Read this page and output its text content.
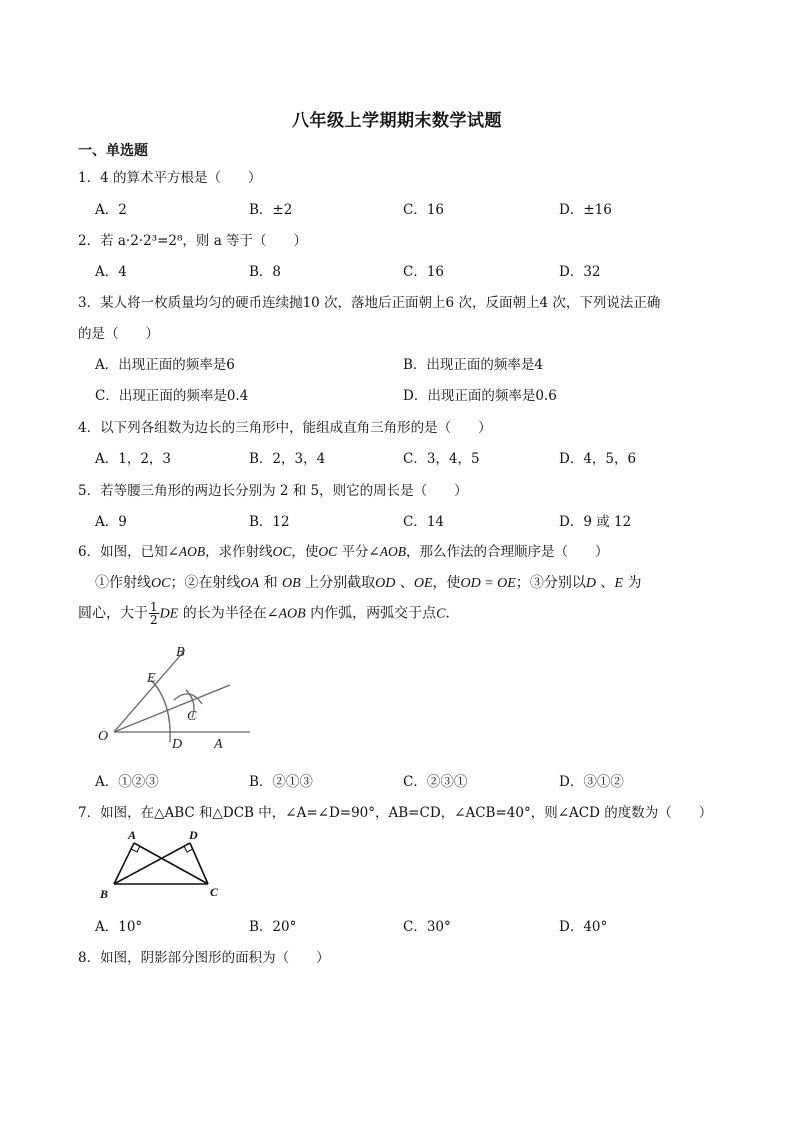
八年级上学期期末数学试题
一、单选题
1．4 的算术平方根是（　　）
A．2	B．±2	C．16	D．±16
2．若 a·2·2³=2⁸，则 a 等于（　　）
A．4	B．8	C．16	D．32
3．某人将一枚质量均匀的硬币连续抛10 次，落地后正面朝上6 次，反面朝上4 次，下列说法正确
的是（　　）
A．出现正面的频率是6	B．出现正面的频率是4
C．出现正面的频率是0.4	D．出现正面的频率是0.6
4．以下列各组数为边长的三角形中，能组成直角三角形的是（　　）
A．1，2，3	B．2，3，4	C．3，4，5	D．4，5，6
5．若等腰三角形的两边长分别为 2 和 5，则它的周长是（　　）
A．9	B．12	C．14	D．9 或 12
6．如图，已知∠AOB，求作射线OC，使OC 平分∠AOB，那么作法的合理顺序是（　　）
①作射线OC；②在射线OA 和 OB 上分别截取OD 、OE，使OD = OE；③分别以D 、E 为
圆心，大于 $\frac{1}{2}$ DE 的长为半径在∠AOB 内作弧，两弧交于点C．
B
E
C
O
D A
A．①②③	B．②①③	C．②③①	D．③①②
7．如图，在△ABC 和△DCB 中，∠A=∠D=90°，AB=CD，∠ACB=40°，则∠ACD 的度数为（　　）
A	D
B	C
A．10°	B．20°	C．30°	D．40°
8．如图，阴影部分图形的面积为（　　）
